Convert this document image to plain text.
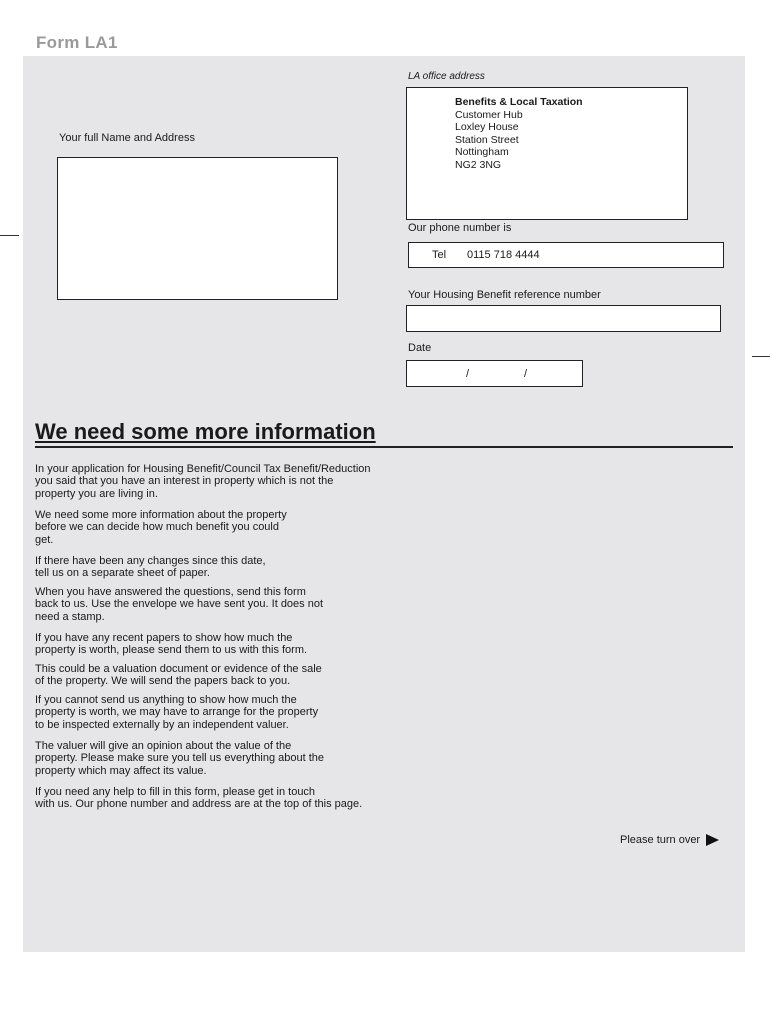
Form LA1
Your full Name and Address
LA office address
Benefits & Local Taxation
Customer Hub
Loxley House
Station Street
Nottingham
NG2 3NG
Our phone number is
Tel 0115 718 4444
Your Housing Benefit reference number
Date
/	/
We need some more information

In your application for Housing Benefit/Council Tax Benefit/Reduction
you said that you have an interest in property which is not the
property you are living in.

We need some more information about the property
before we can decide how much benefit you could
get.

If there have been any changes since this date,
tell us on a separate sheet of paper.

When you have answered the questions, send this form
back to us. Use the envelope we have sent you. It does not
need a stamp.

If you have any recent papers to show how much the
property is worth, please send them to us with this form.

This could be a valuation document or evidence of the sale
of the property. We will send the papers back to you.

If you cannot send us anything to show how much the
property is worth, we may have to arrange for the property
to be inspected externally by an independent valuer.

The valuer will give an opinion about the value of the
property. Please make sure you tell us everything about the
property which may affect its value.

If you need any help to fill in this form, please get in touch
with us. Our phone number and address are at the top of this page.

Please turn over
